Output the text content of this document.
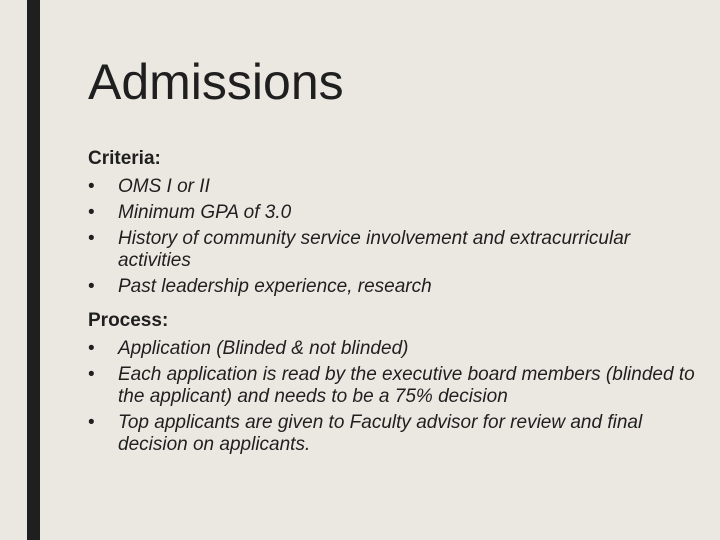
Admissions

Criteria:

•	OMS I or II
•	Minimum GPA of 3.0
•	History of community service involvement and extracurricular activities
•	Past leadership experience, research

Process:

•	Application (Blinded & not blinded)
•	Each application is read by the executive board members (blinded to the applicant) and needs to be a 75% decision
•	Top applicants are given to Faculty advisor for review and final decision on applicants.
